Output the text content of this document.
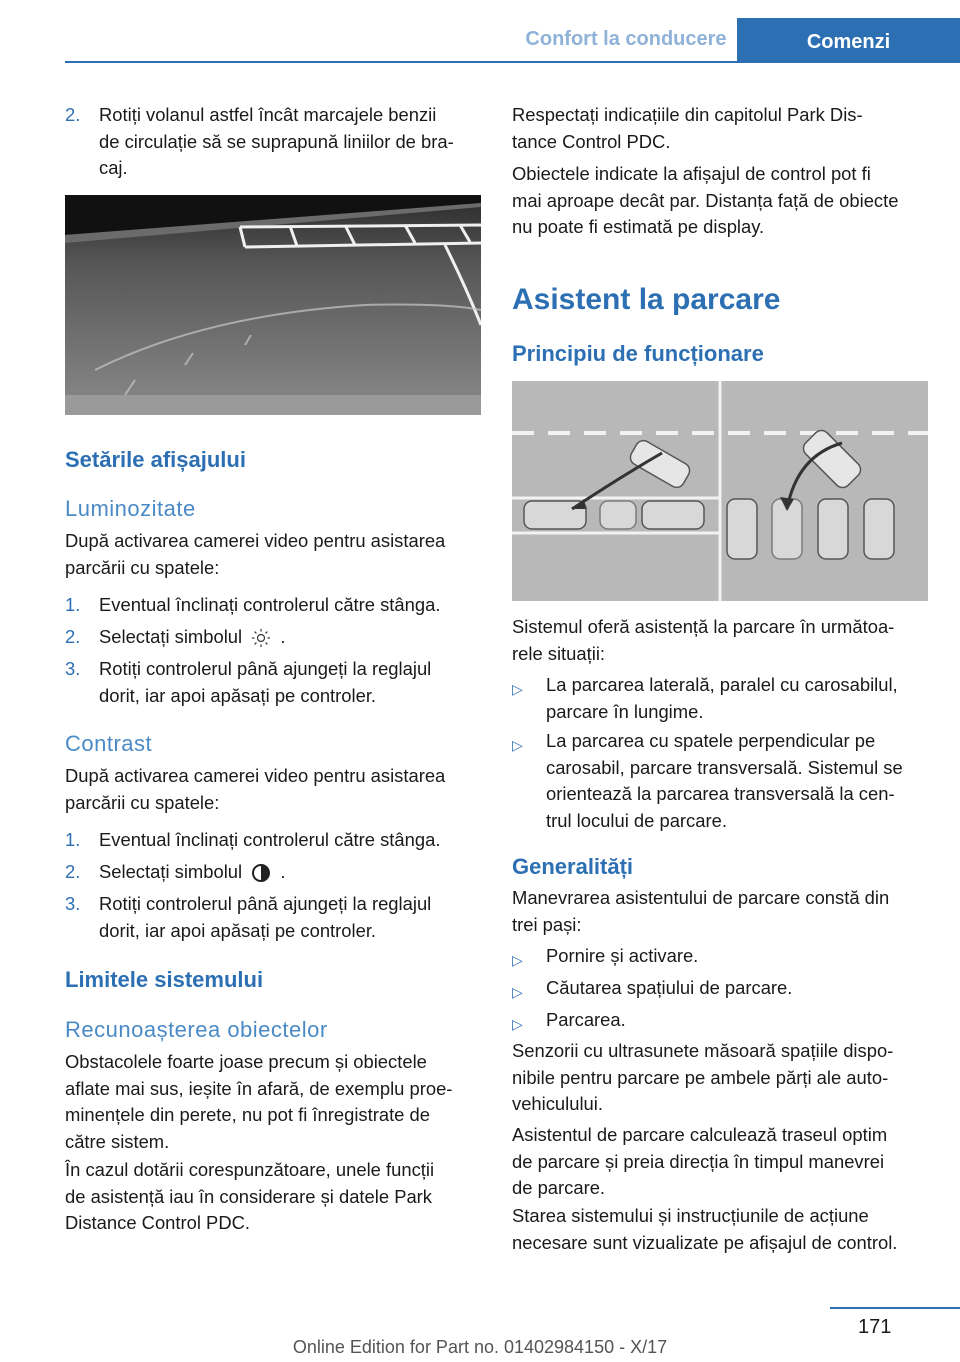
Confort la conducere	Comenzi
2. Rotiți volanul astfel încât marcajele benzii
de circulație să se suprapună liniilor de bra‐
caj.
Setările afișajului
Luminozitate
După activarea camerei video pentru asistarea
parcării cu spatele:
1. Eventual înclinați controlerul către stânga.
2. Selectați simbolul  .
3. Rotiți controlerul până ajungeți la reglajul
dorit, iar apoi apăsați pe controler.
Contrast
După activarea camerei video pentru asistarea
parcării cu spatele:
1. Eventual înclinați controlerul către stânga.
2. Selectați simbolul  .
3. Rotiți controlerul până ajungeți la reglajul
dorit, iar apoi apăsați pe controler.
Limitele sistemului
Recunoașterea obiectelor
Obstacolele foarte joase precum și obiectele
aflate mai sus, ieșite în afară, de exemplu proe‐
minențele din perete, nu pot fi înregistrate de
către sistem.
În cazul dotării corespunzătoare, unele funcții
de asistență iau în considerare și datele Park
Distance Control PDC.
Respectați indicațiile din capitolul Park Dis‐
tance Control PDC.
Obiectele indicate la afișajul de control pot fi
mai aproape decât par. Distanța față de obiecte
nu poate fi estimată pe display.
Asistent la parcare
Principiu de funcționare
Sistemul oferă asistență la parcare în următoa‐
rele situații:
▷ La parcarea laterală, paralel cu carosabilul,
parcare în lungime.
▷ La parcarea cu spatele perpendicular pe
carosabil, parcare transversală. Sistemul se
orientează la parcarea transversală la cen‐
trul locului de parcare.
Generalități
Manevrarea asistentului de parcare constă din
trei pași:
▷ Pornire și activare.
▷ Căutarea spațiului de parcare.
▷ Parcarea.
Senzorii cu ultrasunete măsoară spațiile dispo‐
nibile pentru parcare pe ambele părți ale auto‐
vehiculului.
Asistentul de parcare calculează traseul optim
de parcare și preia direcția în timpul manevrei
de parcare.
Starea sistemului și instrucțiunile de acțiune
necesare sunt vizualizate pe afișajul de control.
171
Online Edition for Part no. 01402984150 - X/17
